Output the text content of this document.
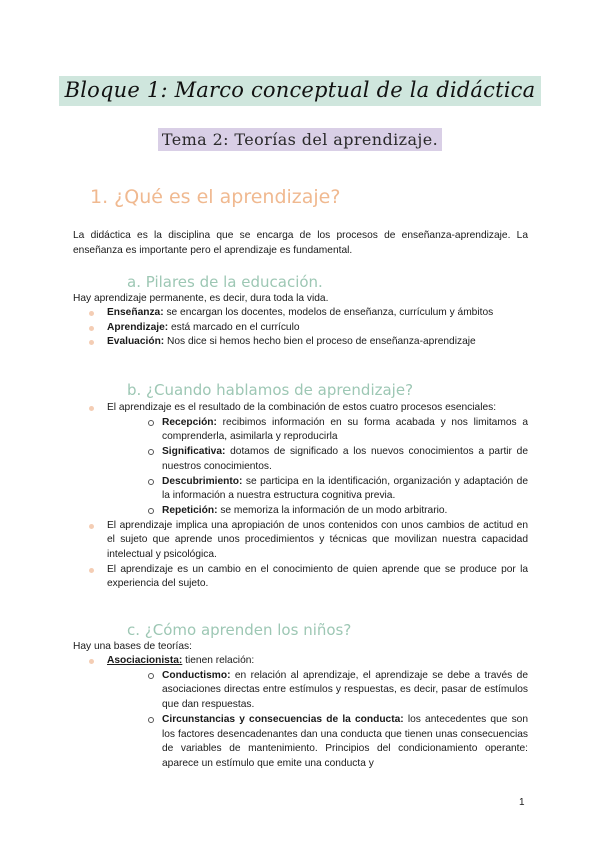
Bloque 1: Marco conceptual de la didáctica
Tema 2: Teorías del aprendizaje.
1. ¿Qué es el aprendizaje?
La didáctica es la disciplina que se encarga de los procesos de enseñanza-aprendizaje. La enseñanza es importante pero el aprendizaje es fundamental.
a. Pilares de la educación.
Hay aprendizaje permanente, es decir, dura toda la vida.
Enseñanza: se encargan los docentes, modelos de enseñanza, currículum y ámbitos
Aprendizaje: está marcado en el currículo
Evaluación: Nos dice si hemos hecho bien el proceso de enseñanza-aprendizaje
b. ¿Cuando hablamos de aprendizaje?
El aprendizaje es el resultado de la combinación de estos cuatro procesos esenciales:
Recepción: recibimos información en su forma acabada y nos limitamos a comprenderla, asimilarla y reproducirla
Significativa: dotamos de significado a los nuevos conocimientos a partir de nuestros conocimientos.
Descubrimiento: se participa en la identificación, organización y adaptación de la información a nuestra estructura cognitiva previa.
Repetición: se memoriza la información de un modo arbitrario.
El aprendizaje implica una apropiación de unos contenidos con unos cambios de actitud en el sujeto que aprende unos procedimientos y técnicas que movilizan nuestra capacidad intelectual y psicológica.
El aprendizaje es un cambio en el conocimiento de quien aprende que se produce por la experiencia del sujeto.
c. ¿Cómo aprenden los niños?
Hay una bases de teorías:
Asociacionista: tienen relación:
Conductismo: en relación al aprendizaje, el aprendizaje se debe a través de asociaciones directas entre estímulos y respuestas, es decir, pasar de estímulos que dan respuestas.
Circunstancias y consecuencias de la conducta: los antecedentes que son los factores desencadenantes dan una conducta que tienen unas consecuencias de variables de mantenimiento. Principios del condicionamiento operante: aparece un estímulo que emite una conducta y
1
